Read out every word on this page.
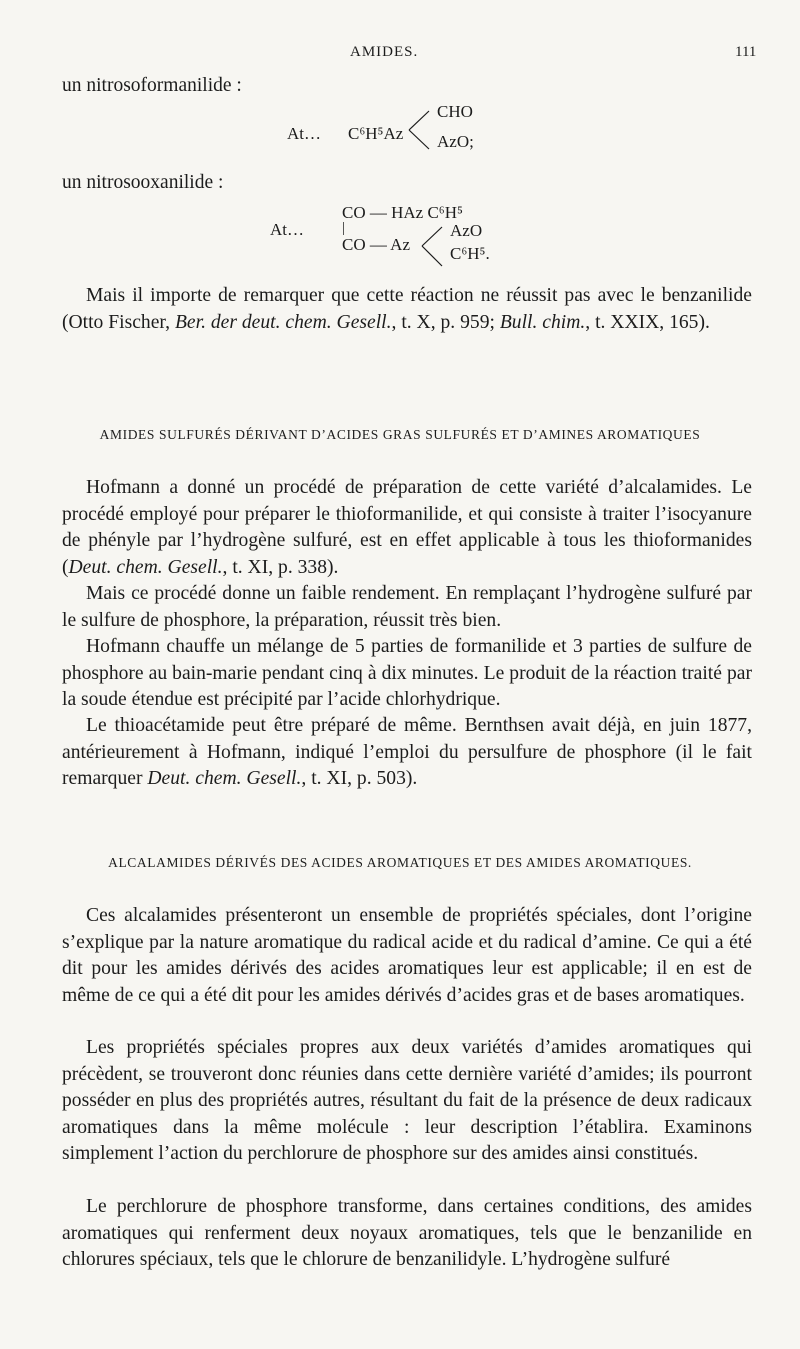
AMIDES.	111
un nitrosoformanilide :
At… C⁶H⁵Az
CHO
AzO;
un nitrosooxanilide :
At…
CO — HAz C⁶H⁵
|
CO — Az
AzO
C⁶H⁵.

Mais il importe de remarquer que cette réaction ne réussit pas avec le benzanilide (Otto Fischer, Ber. der deut. chem. Gesell., t. X, p. 959; Bull. chim., t. XXIX, 165).

AMIDES SULFURÉS DÉRIVANT D’ACIDES GRAS SULFURÉS ET D’AMINES AROMATIQUES

Hofmann a donné un procédé de préparation de cette variété d’alcalamides. Le procédé employé pour préparer le thioformanilide, et qui consiste à traiter l’isocyanure de phényle par l’hydrogène sulfuré, est en effet applicable à tous les thioformanides (Deut. chem. Gesell., t. XI, p. 338).

Mais ce procédé donne un faible rendement. En remplaçant l’hydrogène sulfuré par le sulfure de phosphore, la préparation, réussit très bien.

Hofmann chauffe un mélange de 5 parties de formanilide et 3 parties de sulfure de phosphore au bain-marie pendant cinq à dix minutes. Le produit de la réaction traité par la soude étendue est précipité par l’acide chlorhydrique.

Le thioacétamide peut être préparé de même. Bernthsen avait déjà, en juin 1877, antérieurement à Hofmann, indiqué l’emploi du persulfure de phosphore (il le fait remarquer Deut. chem. Gesell., t. XI, p. 503).

ALCALAMIDES DÉRIVÉS DES ACIDES AROMATIQUES ET DES AMIDES AROMATIQUES.

Ces alcalamides présenteront un ensemble de propriétés spéciales, dont l’origine s’explique par la nature aromatique du radical acide et du radical d’amine. Ce qui a été dit pour les amides dérivés des acides aromatiques leur est applicable; il en est de même de ce qui a été dit pour les amides dérivés d’acides gras et de bases aromatiques.

Les propriétés spéciales propres aux deux variétés d’amides aromatiques qui précèdent, se trouveront donc réunies dans cette dernière variété d’amides; ils pourront posséder en plus des propriétés autres, résultant du fait de la présence de deux radicaux aromatiques dans la même molécule : leur description l’établira. Examinons simplement l’action du perchlorure de phosphore sur des amides ainsi constitués.

Le perchlorure de phosphore transforme, dans certaines conditions, des amides aromatiques qui renferment deux noyaux aromatiques, tels que le benzanilide en chlorures spéciaux, tels que le chlorure de benzanilidyle. L’hydrogène sulfuré
